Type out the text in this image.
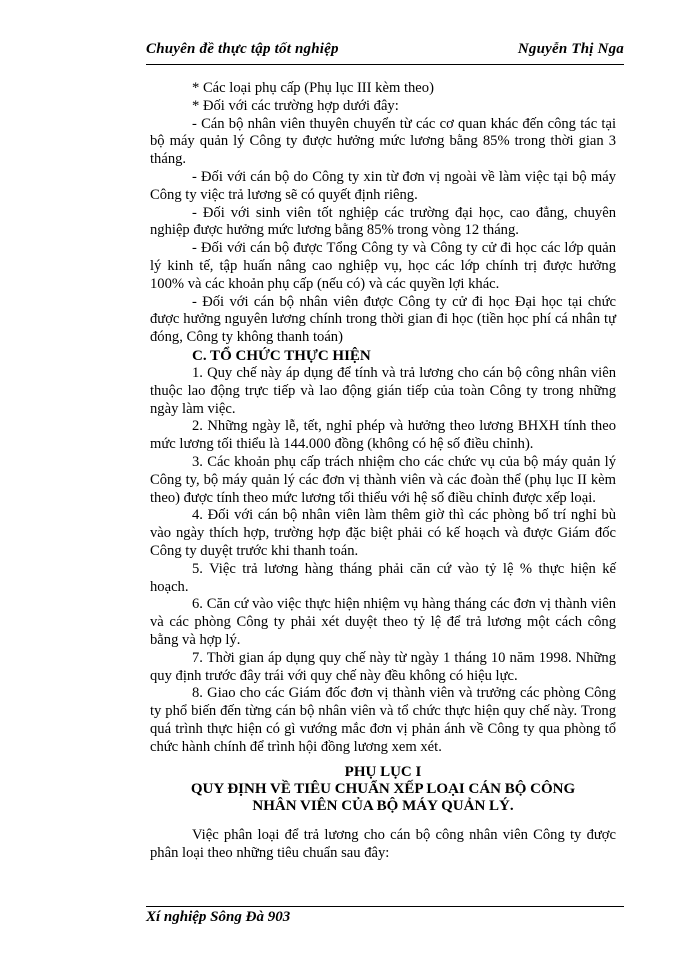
Chuyên đề thực tập tốt nghiệp	Nguyễn Thị Nga

* Các loại phụ cấp (Phụ lục III kèm theo)

* Đối với các trường hợp dưới đây:

- Cán bộ nhân viên thuyên chuyển từ các cơ quan khác đến công tác tại bộ máy quản lý Công ty được hưởng mức lương bằng 85% trong thời gian 3 tháng.

- Đối với cán bộ do Công ty xin từ đơn vị ngoài về làm việc tại bộ máy Công ty việc trả lương sẽ có quyết định riêng.

- Đối với sinh viên tốt nghiệp các trường đại học, cao đẳng, chuyên nghiệp được hưởng mức lương bằng 85% trong vòng 12 tháng.

- Đối với cán bộ được Tổng Công ty và Công ty cử đi học các lớp quản lý kinh tế, tập huấn nâng cao nghiệp vụ, học các lớp chính trị được hưởng 100% và các khoản phụ cấp (nếu có) và các quyền lợi khác.

- Đối với cán bộ nhân viên được Công ty cử đi học Đại học tại chức được hưởng nguyên lương chính trong thời gian đi học (tiền học phí cá nhân tự đóng, Công ty không thanh toán)

C. TỔ CHỨC THỰC HIỆN

1. Quy chế này áp dụng để tính và trả lương cho cán bộ công nhân viên thuộc lao động trực tiếp và lao động gián tiếp của toàn Công ty trong những ngày làm việc.

2. Những ngày lễ, tết, nghỉ phép và hưởng theo lương BHXH tính theo mức lương tối thiểu là 144.000 đồng (không có hệ số điều chỉnh).

3. Các khoản phụ cấp trách nhiệm cho các chức vụ của bộ máy quản lý Công ty, bộ máy quản lý các đơn vị thành viên và các đoàn thể (phụ lục II kèm theo) được tính theo mức lương tối thiểu với hệ số điều chỉnh được xếp loại.

4. Đối với cán bộ nhân viên làm thêm giờ thì các phòng bố trí nghỉ bù vào ngày thích hợp, trường hợp đặc biệt phải có kế hoạch và được Giám đốc Công ty duyệt trước khi thanh toán.

5. Việc trả lương hàng tháng phải căn cứ vào tỷ lệ % thực hiện kế hoạch.

6. Căn cứ vào việc thực hiện nhiệm vụ hàng tháng các đơn vị thành viên và các phòng Công ty phải xét duyệt theo tỷ lệ để trả lương một cách công bằng và hợp lý.

7. Thời gian áp dụng quy chế này từ ngày 1 tháng 10 năm 1998. Những quy định trước đây trái với quy chế này đều không có hiệu lực.

8. Giao cho các Giám đốc đơn vị thành viên và trưởng các phòng Công ty phổ biến đến từng cán bộ nhân viên và tổ chức thực hiện quy chế này. Trong quá trình thực hiện có gì vướng mắc đơn vị phản ánh về Công ty qua phòng tổ chức hành chính để trình hội đồng lương xem xét.

PHỤ LỤC I
QUY ĐỊNH VỀ TIÊU CHUẨN XẾP LOẠI CÁN BỘ CÔNG
NHÂN VIÊN CỦA BỘ MÁY QUẢN LÝ.

Việc phân loại để trả lương cho cán bộ công nhân viên Công ty được phân loại theo những tiêu chuẩn sau đây:

Xí nghiệp Sông Đà 903
